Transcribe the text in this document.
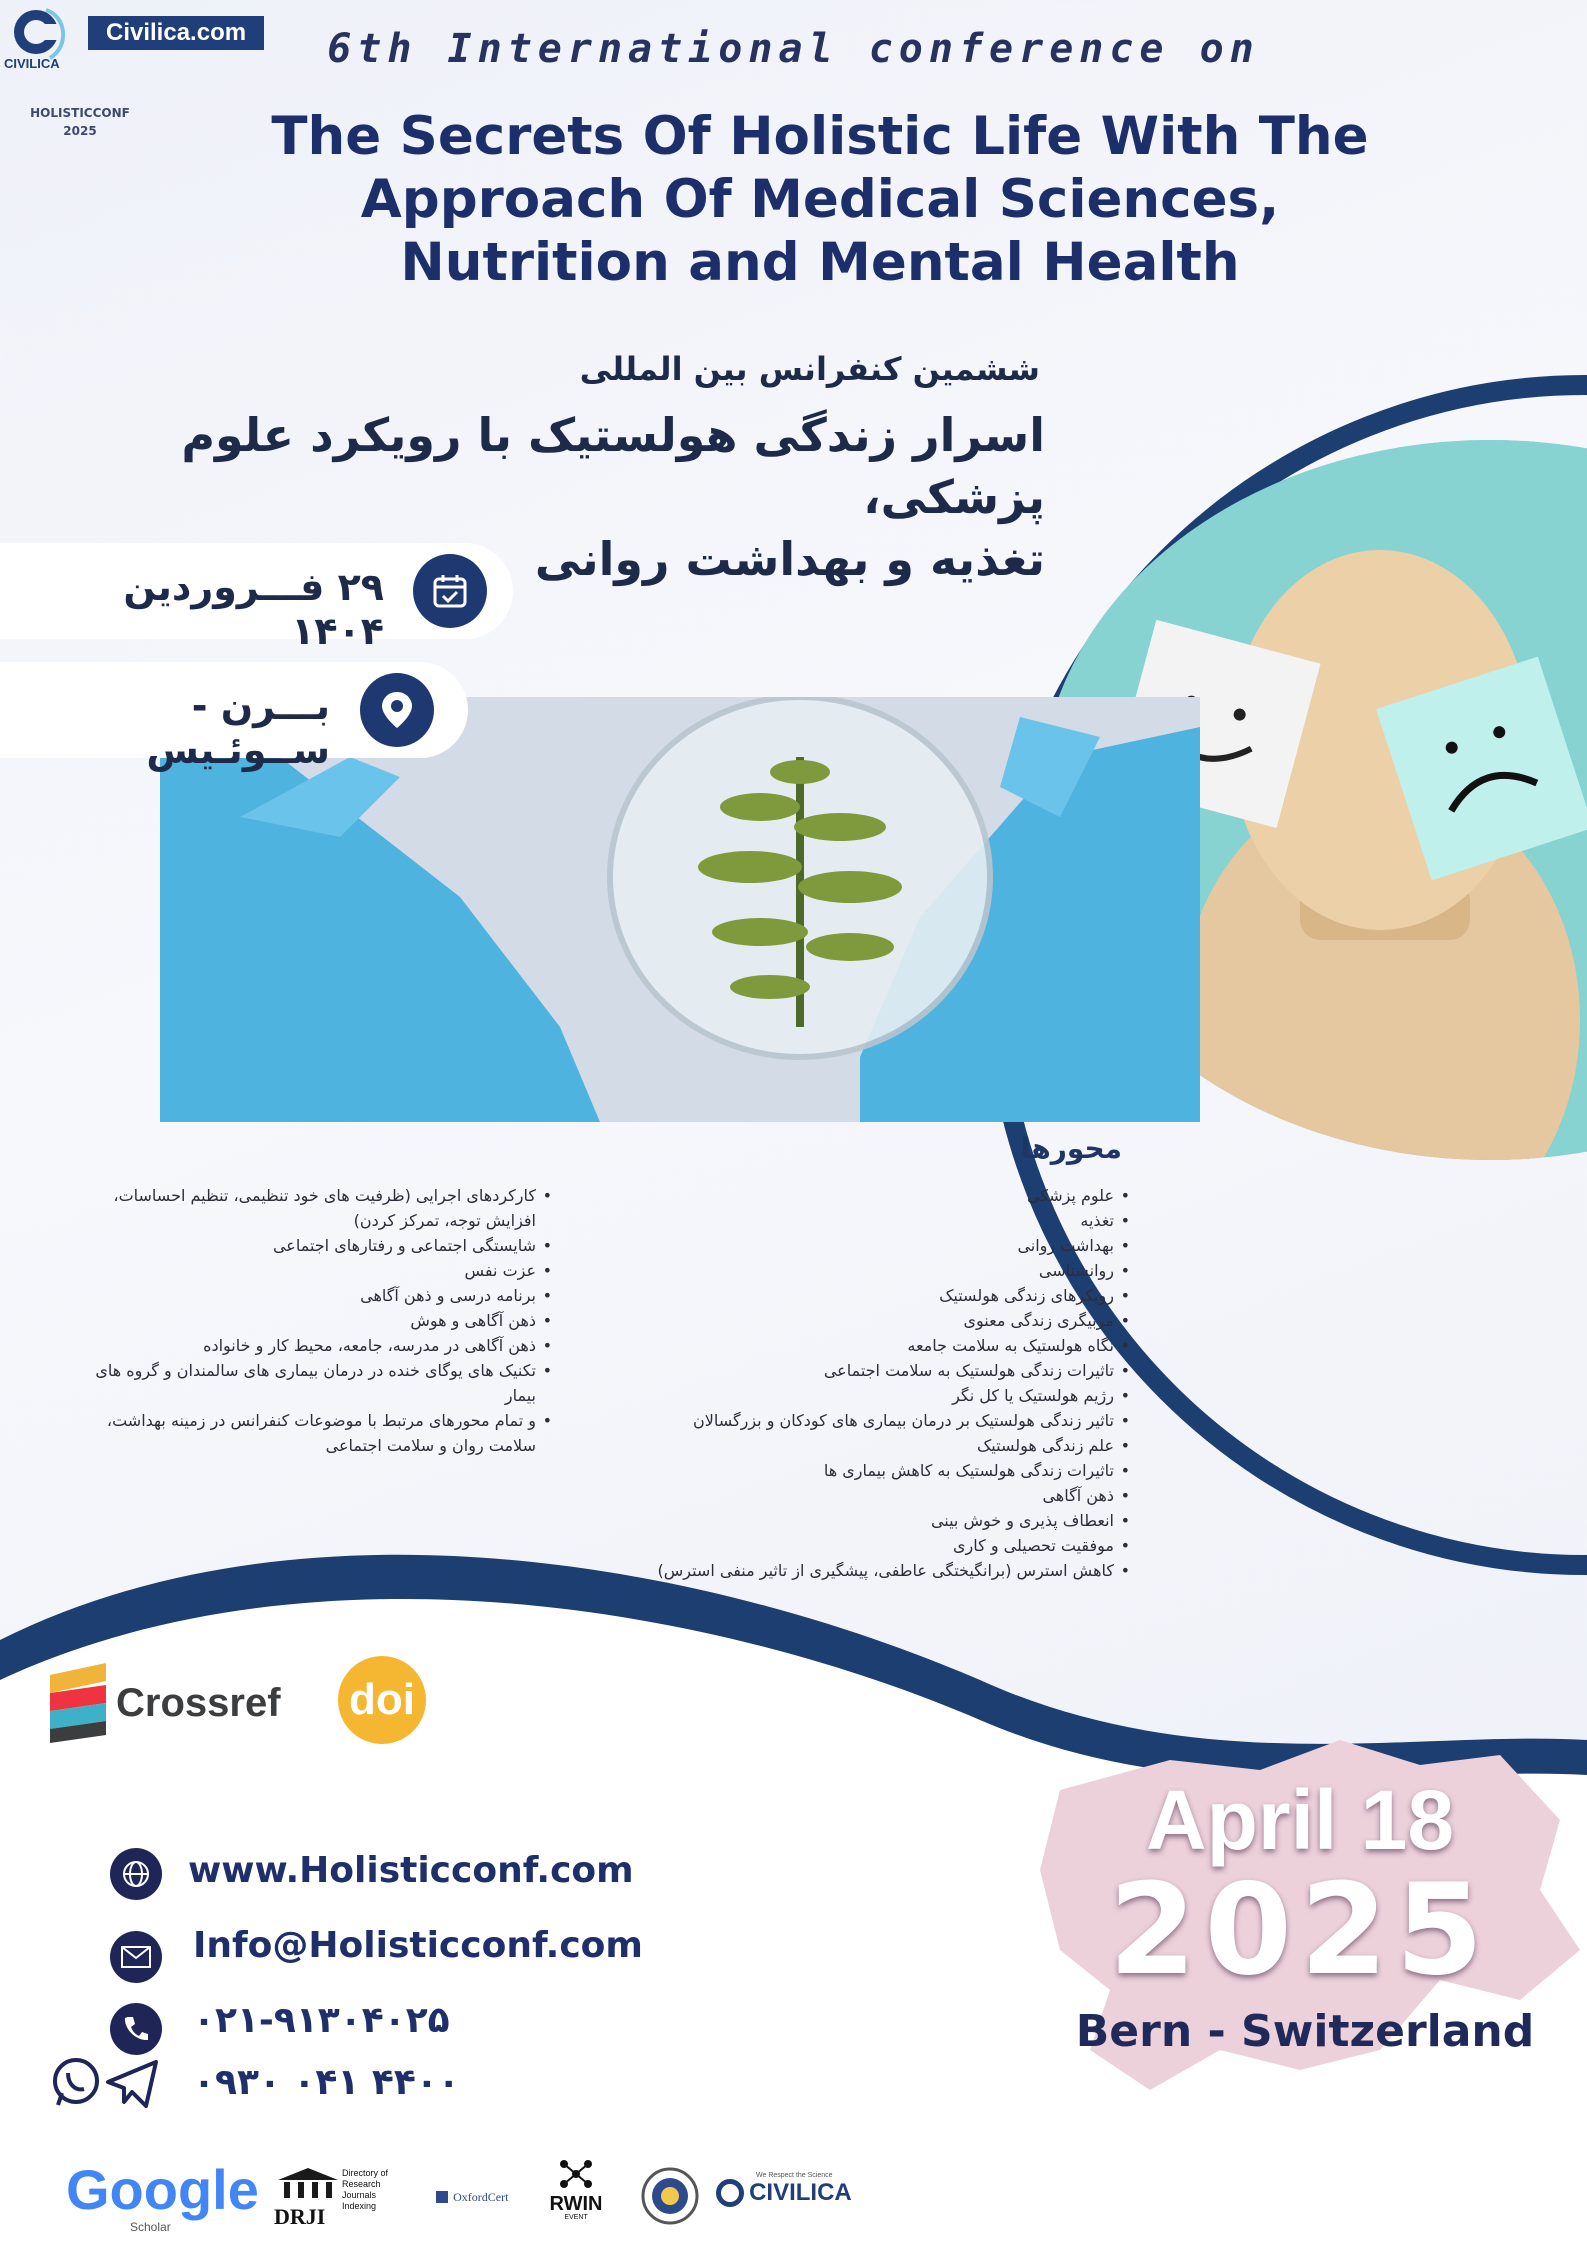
Civilica.com
CIVILICA
HOLISTICCONF
2025
6th International conference on
The Secrets Of Holistic Life With The
Approach Of Medical Sciences,
Nutrition and Mental Health
ششمین کنفرانس بین المللی
اسرار زندگی هولستیک با رویکرد علوم پزشکی،
تغذیه و بهداشت روانی
۲۹ فـــروردین ۱۴۰۴
بـــرن - ســوئـیس
محورها
• علوم پزشکی
• تغذیه
• بهداشت روانی
• روانشناسی
• رویکرهای زندگی هولستیک
• مربیگری زندگی معنوی
• نگاه هولستیک به سلامت جامعه
• تاثیرات زندگی هولستیک به سلامت اجتماعی
• رژیم هولستیک یا کل نگر
• تاثیر زندگی هولستیک بر درمان بیماری های کودکان و بزرگسالان
• علم زندگی هولستیک
• تاثیرات زندگی هولستیک به کاهش بیماری ها
• ذهن آگاهی
• انعطاف پذیری و خوش بینی
• موفقیت تحصیلی و کاری
• کاهش استرس (برانگیختگی عاطفی، پیشگیری از تاثیر منفی استرس)
• کارکردهای اجرایی (ظرفیت های خود تنظیمی، تنظیم احساسات، افزایش توجه، تمرکز کردن)
• شایستگی اجتماعی و رفتارهای اجتماعی
• عزت نفس
• برنامه درسی و ذهن آگاهی
• ذهن آگاهی و هوش
• ذهن آگاهی در مدرسه، جامعه، محیط کار و خانواده
• تکنیک های یوگای خنده در درمان بیماری های سالمندان و گروه های بیمار
• و تمام محورهای مرتبط با موضوعات کنفرانس در زمینه بهداشت، سلامت روان و سلامت اجتماعی
Crossref doi
www.Holisticconf.com
Info@Holisticconf.com
۰۲۱-۹۱۳۰۴۰۲۵
۰۹۳۰ ۰۴۱ ۴۴۰۰
April 18
2025
Bern - Switzerland
Google
Scholar	DRJI
Directory of Research Journals Indexing
OxfordCert RWIN
EVENT
We Respect the Science
CIVILICA
